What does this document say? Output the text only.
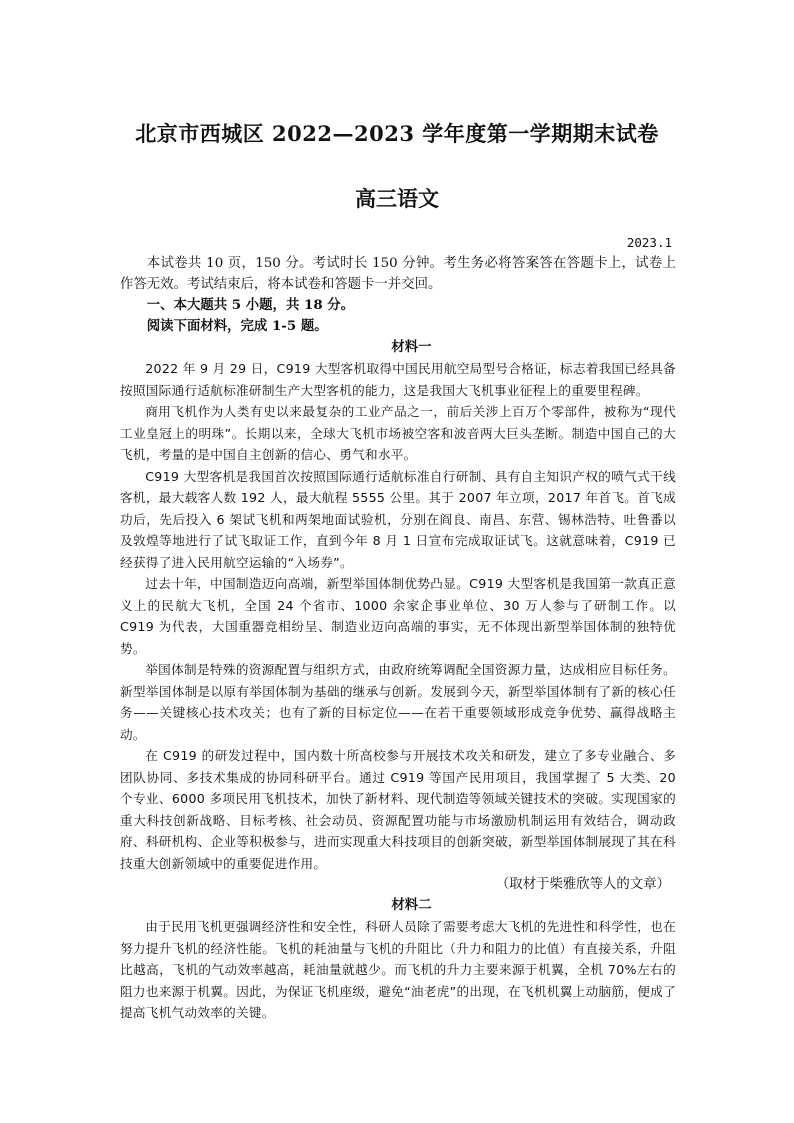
北京市西城区 2022—2023 学年度第一学期期末试卷
高三语文
2023.1

本试卷共 10 页，150 分。考试时长 150 分钟。考生务必将答案答在答题卡上，试卷上作答无效。考试结束后，将本试卷和答题卡一并交回。

一、本大题共 5 小题，共 18 分。

阅读下面材料，完成 1-5 题。

材料一

2022 年 9 月 29 日，C919 大型客机取得中国民用航空局型号合格证，标志着我国已经具备按照国际通行适航标准研制生产大型客机的能力，这是我国大飞机事业征程上的重要里程碑。

商用飞机作为人类有史以来最复杂的工业产品之一，前后关涉上百万个零部件，被称为“现代工业皇冠上的明珠”。长期以来，全球大飞机市场被空客和波音两大巨头垄断。制造中国自己的大飞机，考量的是中国自主创新的信心、勇气和水平。

C919 大型客机是我国首次按照国际通行适航标准自行研制、具有自主知识产权的喷气式干线客机，最大载客人数 192 人，最大航程 5555 公里。其于 2007 年立项，2017 年首飞。首飞成功后，先后投入 6 架试飞机和两架地面试验机，分别在阎良、南昌、东营、锡林浩特、吐鲁番以及敦煌等地进行了试飞取证工作，直到今年 8 月 1 日宣布完成取证试飞。这就意味着，C919 已经获得了进入民用航空运输的“入场券”。

过去十年，中国制造迈向高端，新型举国体制优势凸显。C919 大型客机是我国第一款真正意义上的民航大飞机，全国 24 个省市、1000 余家企事业单位、30 万人参与了研制工作。以 C919 为代表，大国重器竞相纷呈、制造业迈向高端的事实，无不体现出新型举国体制的独特优势。

举国体制是特殊的资源配置与组织方式，由政府统筹调配全国资源力量，达成相应目标任务。新型举国体制是以原有举国体制为基础的继承与创新。发展到今天，新型举国体制有了新的核心任务——关键核心技术攻关；也有了新的目标定位——在若干重要领域形成竞争优势、赢得战略主动。

在 C919 的研发过程中，国内数十所高校参与开展技术攻关和研发，建立了多专业融合、多团队协同、多技术集成的协同科研平台。通过 C919 等国产民用项目，我国掌握了 5 大类、20 个专业、6000 多项民用飞机技术，加快了新材料、现代制造等领域关键技术的突破。实现国家的重大科技创新战略、目标考核、社会动员、资源配置功能与市场激励机制运用有效结合，调动政府、科研机构、企业等积极参与，进而实现重大科技项目的创新突破，新型举国体制展现了其在科技重大创新领域中的重要促进作用。

（取材于柴雅欣等人的文章）

材料二

由于民用飞机更强调经济性和安全性，科研人员除了需要考虑大飞机的先进性和科学性，也在努力提升飞机的经济性能。飞机的耗油量与飞机的升阻比（升力和阻力的比值）有直接关系，升阻比越高，飞机的气动效率越高，耗油量就越少。而飞机的升力主要来源于机翼，全机 70%左右的阻力也来源于机翼。因此，为保证飞机座级，避免“油老虎”的出现，在飞机机翼上动脑筋，便成了提高飞机气动效率的关键。
